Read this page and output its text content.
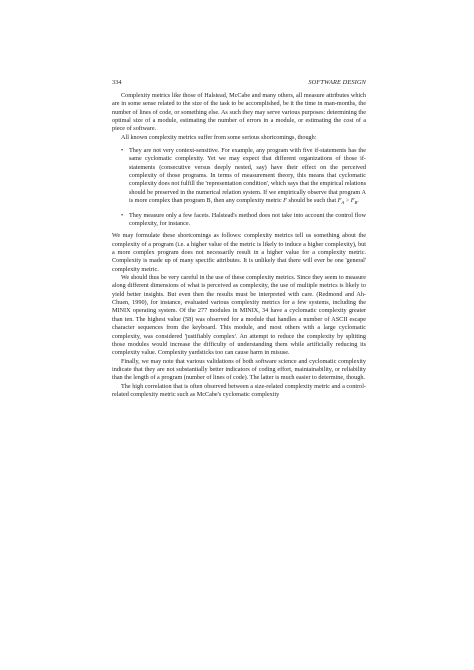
334	SOFTWARE DESIGN

Complexity metrics like those of Halstead, McCabe and many others, all measure attributes which are in some sense related to the size of the task to be accomplished, be it the time in man-months, the number of lines of code, or something else. As such they may serve various purposes: determining the optimal size of a module, estimating the number of errors in a module, or estimating the cost of a piece of software.

All known complexity metrics suffer from some serious shortcomings, though:

• They are not very context-sensitive. For example, any program with five if-statements has the same cyclomatic complexity. Yet we may expect that different organizations of those if-statements (consecutive versus deeply nested, say) have their effect on the perceived complexity of those programs. In terms of measurement theory, this means that cyclomatic complexity does not fulfill the 'representation condition', which says that the empirical relations should be preserved in the numerical relation system. If we empirically observe that program A is more complex than program B, then any complexity metric F should be such that $F_A > F_B$.
• They measure only a few facets. Halstead's method does not take into account the control flow complexity, for instance.

We may formulate these shortcomings as follows: complexity metrics tell us something about the complexity of a program (i.e. a higher value of the metric is likely to induce a higher complexity), but a more complex program does not necessarily result in a higher value for a complexity metric. Complexity is made up of many specific attributes. It is unlikely that there will ever be one 'general' complexity metric.

We should thus be very careful in the use of these complexity metrics. Since they seem to measure along different dimensions of what is perceived as complexity, the use of multiple metrics is likely to yield better insights. But even then the results must be interpreted with care. (Redmond and Ah-Chuen, 1990), for instance, evaluated various complexity metrics for a few systems, including the MINIX operating system. Of the 277 modules in MINIX, 34 have a cyclomatic complexity greater than ten. The highest value (58) was observed for a module that handles a number of ASCII escape character sequences from the keyboard. This module, and most others with a large cyclomatic complexity, was considered 'justifiably complex'. An attempt to reduce the complexity by splitting those modules would increase the difficulty of understanding them while artificially reducing its complexity value. Complexity yardsticks too can cause harm in misuse.

Finally, we may note that various validations of both software science and cyclomatic complexity indicate that they are not substantially better indicators of coding effort, maintainability, or reliability than the length of a program (number of lines of code). The latter is much easier to determine, though.

The high correlation that is often observed between a size-related complexity metric and a control-related complexity metric such as McCabe's cyclomatic complexity
